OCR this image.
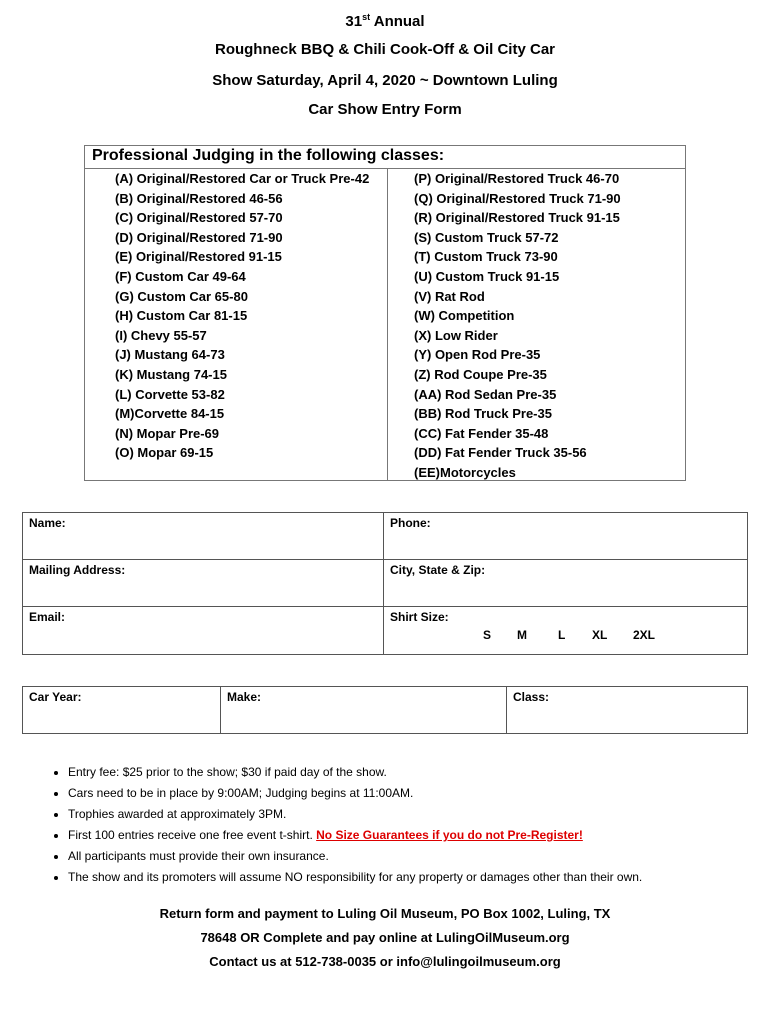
31st Annual
Roughneck BBQ & Chili Cook-Off & Oil City Car
Show Saturday, April 4, 2020 ~ Downtown Luling
Car Show Entry Form
Professional Judging in the following classes:
(A) Original/Restored Car or Truck Pre-42
(B) Original/Restored 46-56
(C) Original/Restored 57-70
(D) Original/Restored 71-90
(E) Original/Restored 91-15
(F) Custom Car 49-64
(G) Custom Car 65-80
(H) Custom Car 81-15
(I) Chevy 55-57
(J) Mustang 64-73
(K) Mustang 74-15
(L) Corvette 53-82
(M)Corvette 84-15
(N) Mopar Pre-69
(O) Mopar 69-15
(P) Original/Restored Truck 46-70
(Q) Original/Restored Truck 71-90
(R) Original/Restored Truck 91-15
(S) Custom Truck 57-72
(T) Custom Truck 73-90
(U) Custom Truck 91-15
(V) Rat Rod
(W) Competition
(X) Low Rider
(Y) Open Rod Pre-35
(Z) Rod Coupe Pre-35
(AA) Rod Sedan Pre-35
(BB) Rod Truck Pre-35
(CC) Fat Fender 35-48
(DD) Fat Fender Truck 35-56
(EE)Motorcycles
Name:	Phone:
Mailing Address:	City, State & Zip:
Email:	Shirt Size:
S M	L XL 2XL
Car Year:	Make:	Class:
• Entry fee: $25 prior to the show; $30 if paid day of the show.
• Cars need to be in place by 9:00AM; Judging begins at 11:00AM.
• Trophies awarded at approximately 3PM.
• First 100 entries receive one free event t-shirt. No Size Guarantees if you do not Pre-Register!
• All participants must provide their own insurance.
• The show and its promoters will assume NO responsibility for any property or damages other than their own.
Return form and payment to Luling Oil Museum, PO Box 1002, Luling, TX
78648 OR Complete and pay online at LulingOilMuseum.org
Contact us at 512-738-0035 or info@lulingoilmuseum.org
